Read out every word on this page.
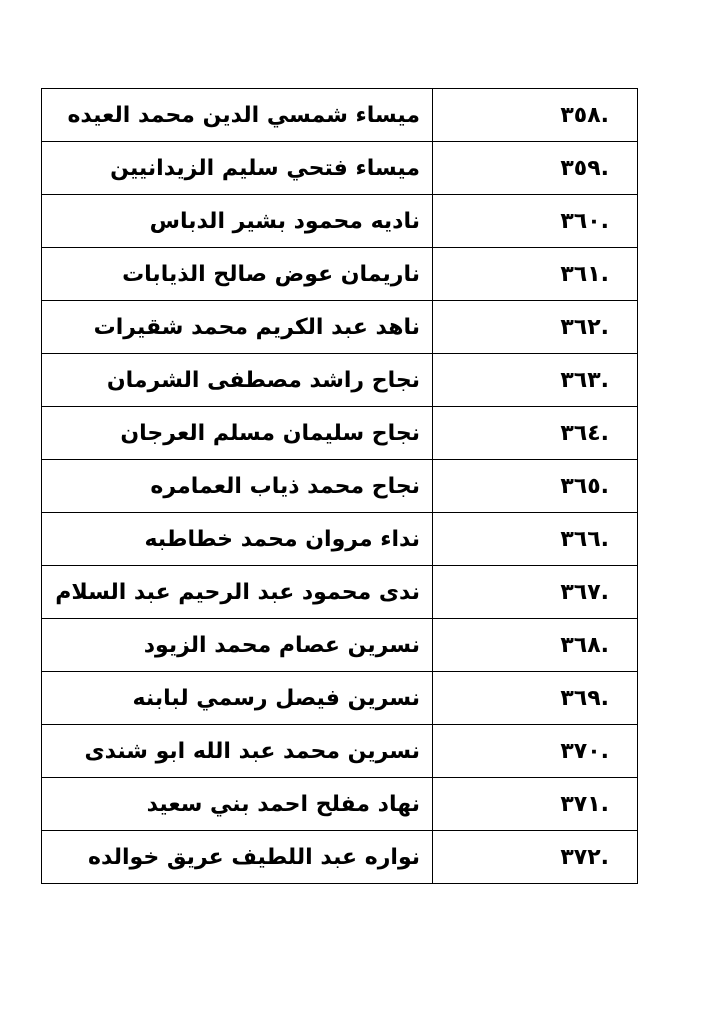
.٣٥٨	ميساء شمسي الدين محمد العيده
.٣٥٩	ميساء فتحي سليم الزيدانيين
.٣٦٠	ناديه محمود بشير الدباس
.٣٦١	ناريمان عوض صالح الذيابات
.٣٦٢	ناهد عبد الكريم محمد شقيرات
.٣٦٣	نجاح راشد مصطفى الشرمان
.٣٦٤	نجاح سليمان مسلم العرجان
.٣٦٥	نجاح محمد ذياب العمامره
.٣٦٦	نداء مروان محمد خطاطبه
.٣٦٧	ندى محمود عبد الرحيم عبد السلام
.٣٦٨	نسرين عصام محمد الزيود
.٣٦٩	نسرين فيصل رسمي لبابنه
.٣٧٠	نسرين محمد عبد الله ابو شندى
.٣٧١	نهاد مفلح احمد بني سعيد
.٣٧٢	نواره عبد اللطيف عريق خوالده
